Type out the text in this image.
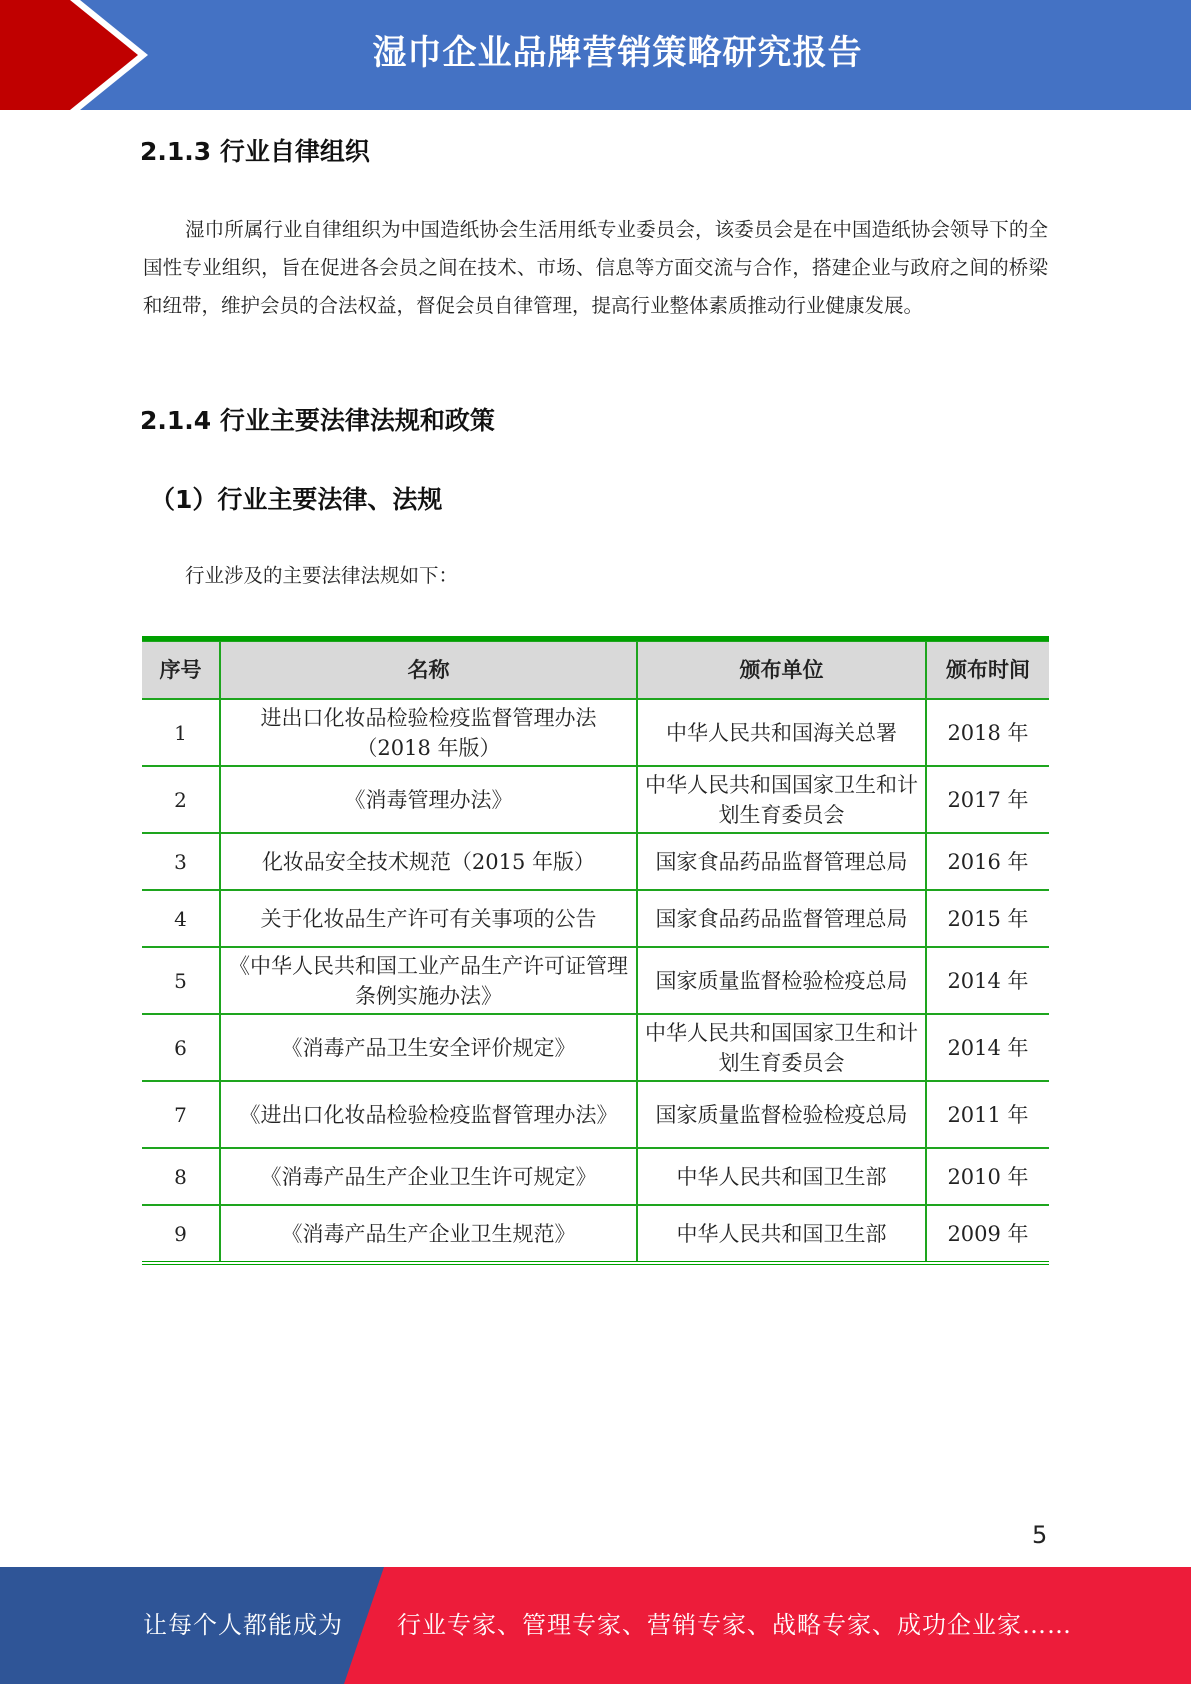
湿巾企业品牌营销策略研究报告
2.1.3 行业自律组织

湿巾所属行业自律组织为中国造纸协会生活用纸专业委员会，该委员会是在中国造纸协会领导下的全国性专业组织，旨在促进各会员之间在技术、市场、信息等方面交流与合作，搭建企业与政府之间的桥梁和纽带，维护会员的合法权益，督促会员自律管理，提高行业整体素质推动行业健康发展。

2.1.4 行业主要法律法规和政策
（1）行业主要法律、法规
行业涉及的主要法律法规如下：
序号	名称	颁布单位	颁布时间
1	进出口化妆品检验检疫监督管理办法（2018 年版）	中华人民共和国海关总署	2018 年
2	《消毒管理办法》	中华人民共和国国家卫生和计划生育委员会	2017 年
3	化妆品安全技术规范（2015 年版）	国家食品药品监督管理总局	2016 年
4	关于化妆品生产许可有关事项的公告	国家食品药品监督管理总局	2015 年
5	《中华人民共和国工业产品生产许可证管理条例实施办法》	国家质量监督检验检疫总局	2014 年
6	《消毒产品卫生安全评价规定》	中华人民共和国国家卫生和计划生育委员会	2014 年
7	《进出口化妆品检验检疫监督管理办法》	国家质量监督检验检疫总局	2011 年
8	《消毒产品生产企业卫生许可规定》	中华人民共和国卫生部	2010 年
9	《消毒产品生产企业卫生规范》	中华人民共和国卫生部	2009 年
5
让每个人都能成为 行业专家、管理专家、营销专家、战略专家、成功企业家……
